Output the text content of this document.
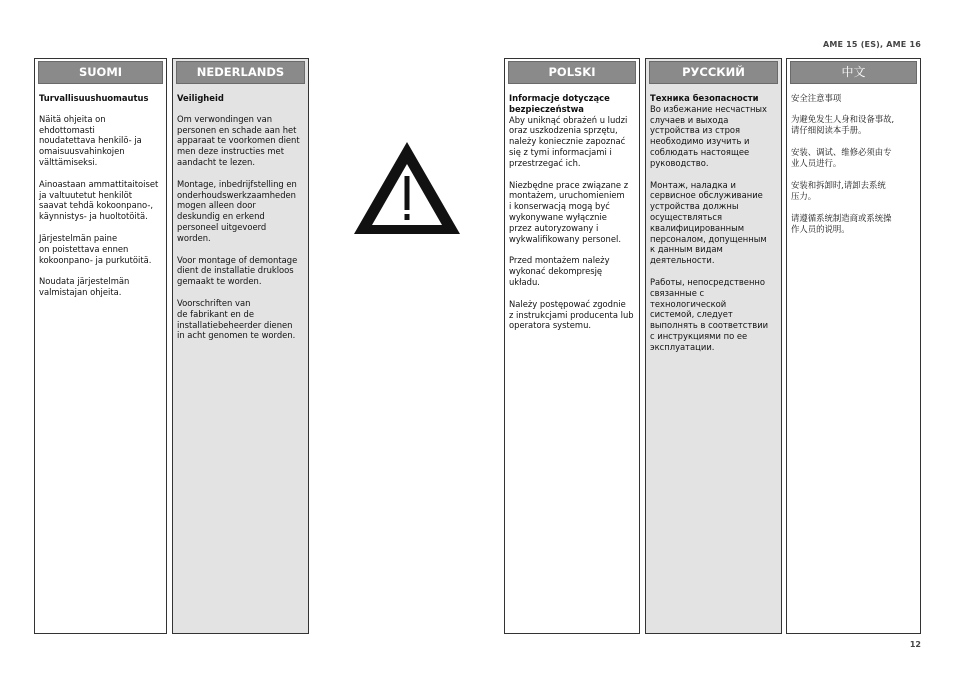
AME 15 (ES), AME 16
SUOMI
Turvallisuushuomautus

Näitä ohjeita on
ehdottomasti
noudatettava henkilö- ja
omaisuusvahinkojen
välttämiseksi.

Ainoastaan ammattitaitoiset
ja valtuutetut henkilöt
saavat tehdä kokoonpano-,
käynnistys- ja huoltotöitä.

Järjestelmän paine
on poistettava ennen
kokoonpano- ja purkutöitä.

Noudata järjestelmän
valmistajan ohjeita.

NEDERLANDS
Veiligheid

Om verwondingen van
personen en schade aan het
apparaat te voorkomen dient
men deze instructies met
aandacht te lezen.

Montage, inbedrijfstelling en
onderhoudswerkzaamheden
mogen alleen door
deskundig en erkend
personeel uitgevoerd
worden.

Voor montage of demontage
dient de installatie drukloos
gemaakt te worden.

Voorschriften van
de fabrikant en de
installatiebeheerder dienen
in acht genomen te worden.

POLSKI
Informacje dotyczące
bezpieczeństwa

Aby uniknąć obrażeń u ludzi
oraz uszkodzenia sprzętu,
należy koniecznie zapoznać
się z tymi informacjami i
przestrzegać ich.

Niezbędne prace związane z
montażem, uruchomieniem
i konserwacją mogą być
wykonywane wyłącznie
przez autoryzowany i
wykwalifikowany personel.

Przed montażem należy
wykonać dekompresję
układu.

Należy postępować zgodnie
z instrukcjami producenta lub
operatora systemu.

РУССКИЙ
Техника безопасности

Во избежание несчастных
случаев и выхода
устройства из строя
необходимо изучить и
соблюдать настоящее
руководство.

Монтаж, наладка и
сервисное обслуживание
устройства должны
осуществляться
квалифицированным
персоналом, допущенным
к данным видам
деятельности.

Работы, непосредственно
связанные с
технологической
системой, следует
выполнять в соответствии
с инструкциями по ее
эксплуатации.

中文
安全注意事项

为避免发生人身和设备事故,
请仔细阅读本手册。

安装、调试、维修必须由专
业人员进行。

安装和拆卸时,请卸去系统
压力。

请遵循系统制造商或系统操
作人员的说明。

12
